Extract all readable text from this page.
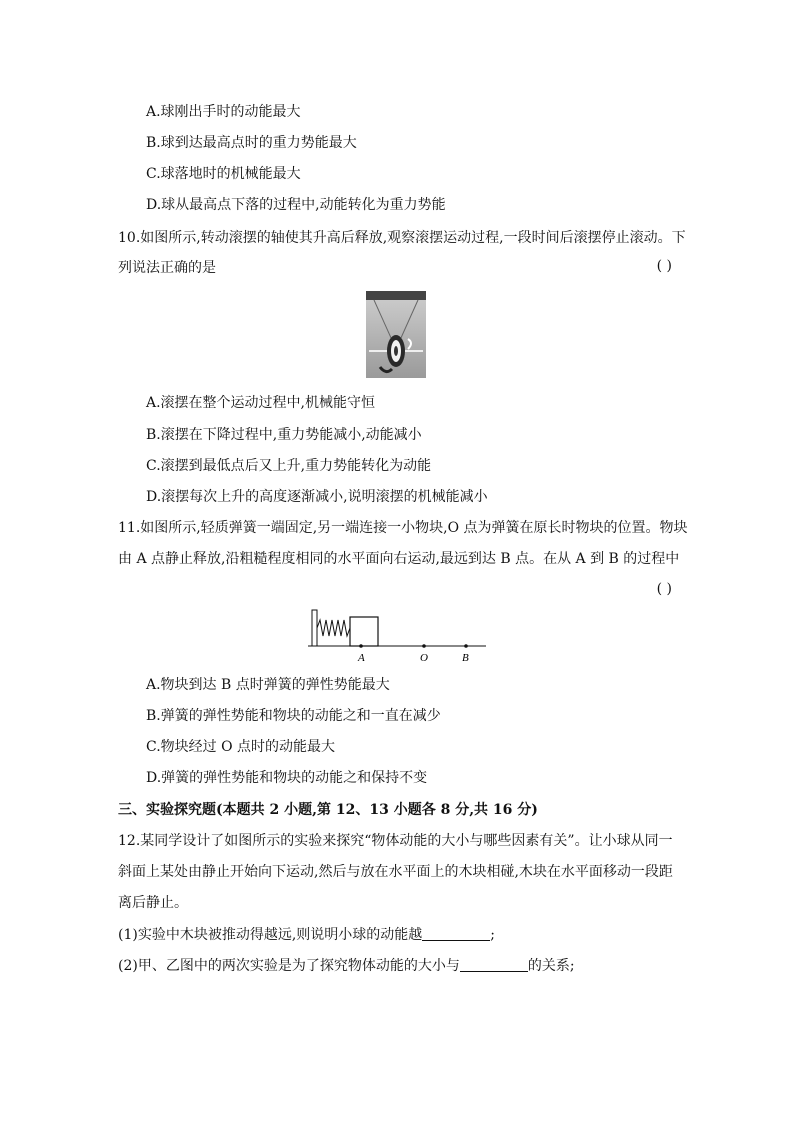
A.球刚出手时的动能最大
B.球到达最高点时的重力势能最大
C.球落地时的机械能最大
D.球从最高点下落的过程中,动能转化为重力势能
10.如图所示,转动滚摆的轴使其升高后释放,观察滚摆运动过程,一段时间后滚摆停止滚动。下
列说法正确的是	( )
A.滚摆在整个运动过程中,机械能守恒
B.滚摆在下降过程中,重力势能减小,动能减小
C.滚摆到最低点后又上升,重力势能转化为动能
D.滚摆每次上升的高度逐渐减小,说明滚摆的机械能减小
11.如图所示,轻质弹簧一端固定,另一端连接一小物块,O 点为弹簧在原长时物块的位置。物块
由 A 点静止释放,沿粗糙程度相同的水平面向右运动,最远到达 B 点。在从 A 到 B 的过程中
( )
A	O	B
A.物块到达 B 点时弹簧的弹性势能最大
B.弹簧的弹性势能和物块的动能之和一直在减少
C.物块经过 O 点时的动能最大
D.弹簧的弹性势能和物块的动能之和保持不变
三、实验探究题(本题共 2 小题,第 12、13 小题各 8 分,共 16 分)
12.某同学设计了如图所示的实验来探究“物体动能的大小与哪些因素有关”。让小球从同一
斜面上某处由静止开始向下运动,然后与放在水平面上的木块相碰,木块在水平面移动一段距
离后静止。
(1)实验中木块被推动得越远,则说明小球的动能越	;
(2)甲、乙图中的两次实验是为了探究物体动能的大小与	的关系;
